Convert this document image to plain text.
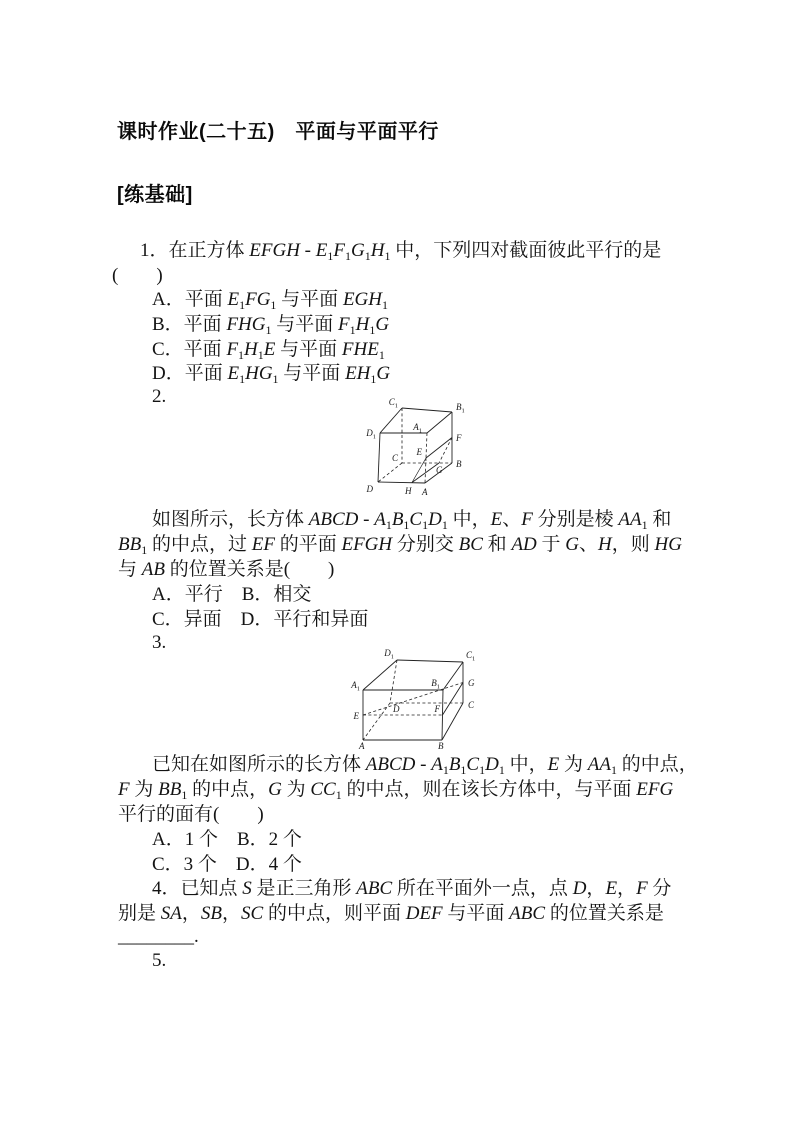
课时作业(二十五)　平面与平面平行
[练基础]
1．在正方体 EFGH - $E_1F_1G_1H_1$ 中，下列四对截面彼此平行的是
(　　)
A．平面 $E_1FG_1$ 与平面 $EGH_1$
B．平面 $FHG_1$ 与平面 $F_1H_1G$
C．平面 $F_1H_1E$ 与平面 $FHE_1$
D．平面 $E_1HG_1$ 与平面 $EH_1G$
2.	$C_1$	$B_1$
$D_1$
$A_1$
F
E
C
B
G
D	H A
如图所示，长方体 ABCD - $A_1B_1C_1D_1$ 中，E、F 分别是棱 $AA_1$ 和
$BB_1$ 的中点，过 EF 的平面 EFGH 分别交 BC 和 AD 于 G、H，则 HG
与 AB 的位置关系是(　　)
A．平行　B．相交
C．异面　D．平行和异面
3.	$D_1$	$C_1$
$A_1$
$B_1$	G
E
D	F	C
A	B
已知在如图所示的长方体 ABCD - $A_1B_1C_1D_1$ 中，E 为 $AA_1$ 的中点，
F 为 $BB_1$ 的中点，G 为 $CC_1$ 的中点，则在该长方体中，与平面 EFG
平行的面有(　　)
A．1 个　B．2 个
C．3 个　D．4 个
4．已知点 S 是正三角形 ABC 所在平面外一点，点 D，E，F 分
别是 SA，SB，SC 的中点，则平面 DEF 与平面 ABC 的位置关系是
________.
5.
